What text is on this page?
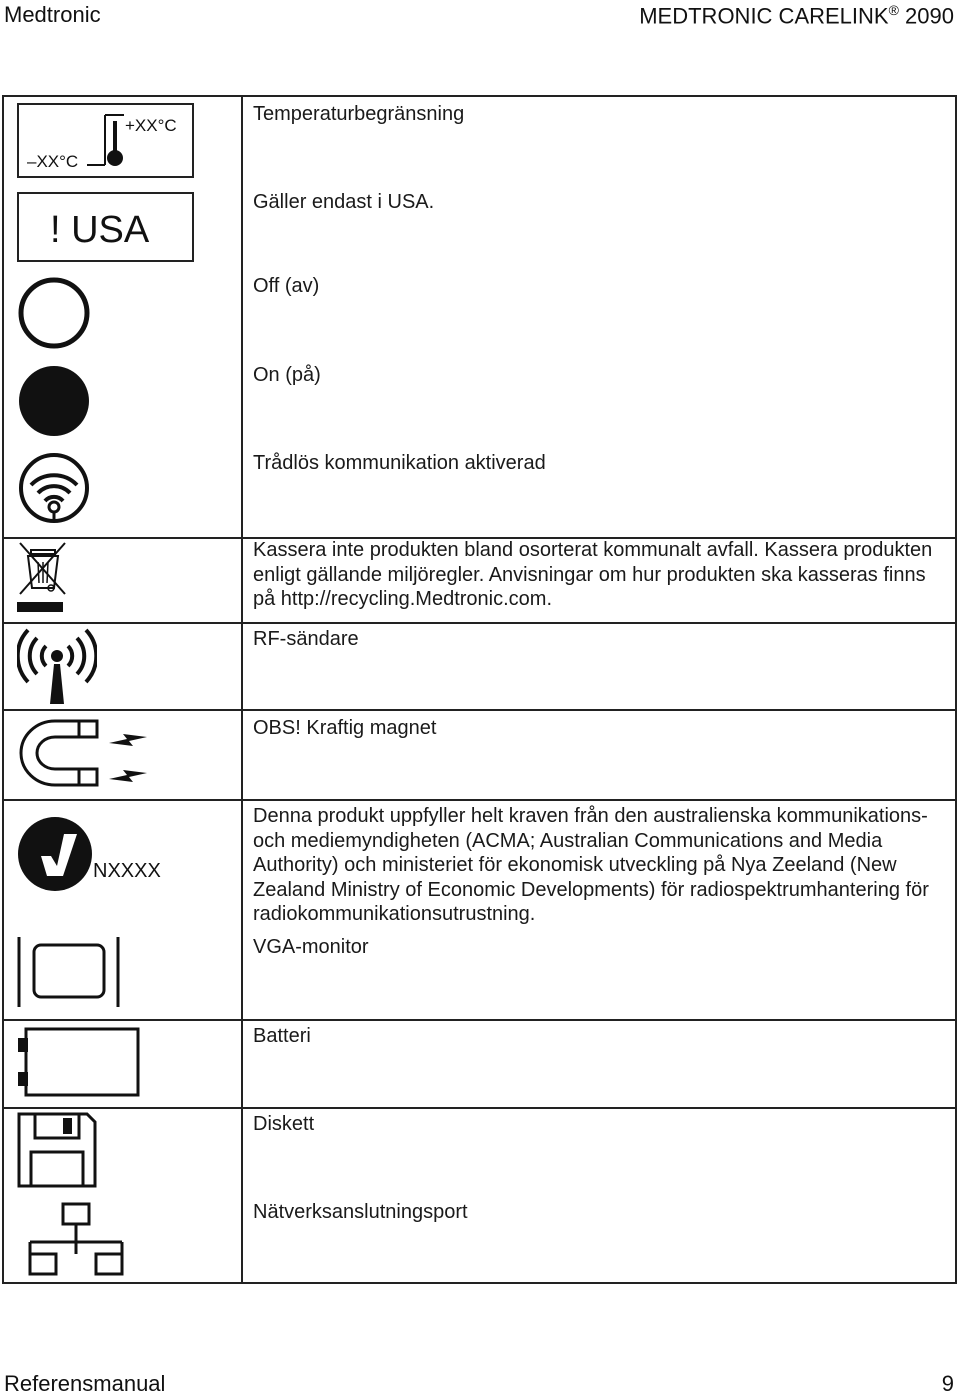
Medtronic	MEDTRONIC CARELINK® 2090
+XX°C
–XX°C
Temperaturbegränsning
! USA
Gäller endast i USA.
Off (av)
On (på)
Trådlös kommunikation aktiverad
Kassera inte produkten bland osorterat kommunalt avfall. Kassera produkten enligt gällande miljöregler. Anvisningar om hur produkten ska kasseras finns på http://recycling.Medtronic.com.
RF-sändare
OBS! Kraftig magnet
NXXXX
Denna produkt uppfyller helt kraven från den australienska kommunikations- och mediemyndigheten (ACMA; Australian Communications and Media Authority) och ministeriet för ekonomisk utveckling på Nya Zeeland (New Zealand Ministry of Economic Developments) för radiospektrumhantering för radiokommunikationsutrustning.
VGA-monitor
Batteri
Diskett
Nätverksanslutningsport
Referensmanual	9
